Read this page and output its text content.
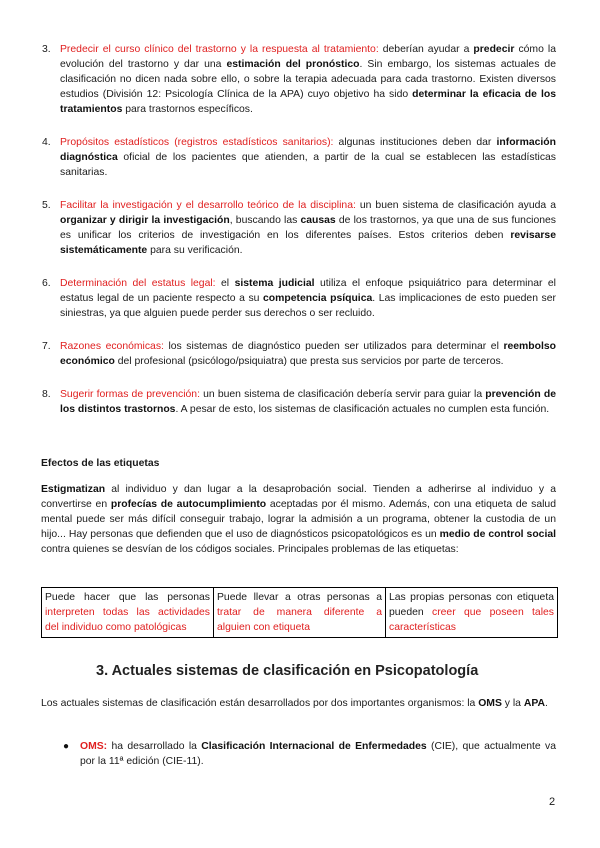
3. Predecir el curso clínico del trastorno y la respuesta al tratamiento: deberían ayudar a predecir cómo la evolución del trastorno y dar una estimación del pronóstico. Sin embargo, los sistemas actuales de clasificación no dicen nada sobre ello, o sobre la terapia adecuada para cada trastorno. Existen diversos estudios (División 12: Psicología Clínica de la APA) cuyo objetivo ha sido determinar la eficacia de los tratamientos para trastornos específicos.
4. Propósitos estadísticos (registros estadísticos sanitarios): algunas instituciones deben dar información diagnóstica oficial de los pacientes que atienden, a partir de la cual se establecen las estadísticas sanitarias.
5. Facilitar la investigación y el desarrollo teórico de la disciplina: un buen sistema de clasificación ayuda a organizar y dirigir la investigación, buscando las causas de los trastornos, ya que una de sus funciones es unificar los criterios de investigación en los diferentes países. Estos criterios deben revisarse sistemáticamente para su verificación.
6. Determinación del estatus legal: el sistema judicial utiliza el enfoque psiquiátrico para determinar el estatus legal de un paciente respecto a su competencia psíquica. Las implicaciones de esto pueden ser siniestras, ya que alguien puede perder sus derechos o ser recluido.
7. Razones económicas: los sistemas de diagnóstico pueden ser utilizados para determinar el reembolso económico del profesional (psicólogo/psiquiatra) que presta sus servicios por parte de terceros.
8. Sugerir formas de prevención: un buen sistema de clasificación debería servir para guiar la prevención de los distintos trastornos. A pesar de esto, los sistemas de clasificación actuales no cumplen esta función.
Efectos de las etiquetas
Estigmatizan al individuo y dan lugar a la desaprobación social. Tienden a adherirse al individuo y a convertirse en profecías de autocumplimiento aceptadas por él mismo. Además, con una etiqueta de salud mental puede ser más difícil conseguir trabajo, lograr la admisión a un programa, obtener la custodia de un hijo... Hay personas que defienden que el uso de diagnósticos psicopatológicos es un medio de control social contra quienes se desvían de los códigos sociales. Principales problemas de las etiquetas:
Puede hacer que las personas interpreten todas las actividades del individuo como patológicas	Puede llevar a otras personas a tratar de manera diferente a alguien con etiqueta	Las propias personas con etiqueta pueden creer que poseen tales características
3. Actuales sistemas de clasificación en Psicopatología
Los actuales sistemas de clasificación están desarrollados por dos importantes organismos: la OMS y la APA.
● OMS: ha desarrollado la Clasificación Internacional de Enfermedades (CIE), que actualmente va por la 11ª edición (CIE-11).
2
